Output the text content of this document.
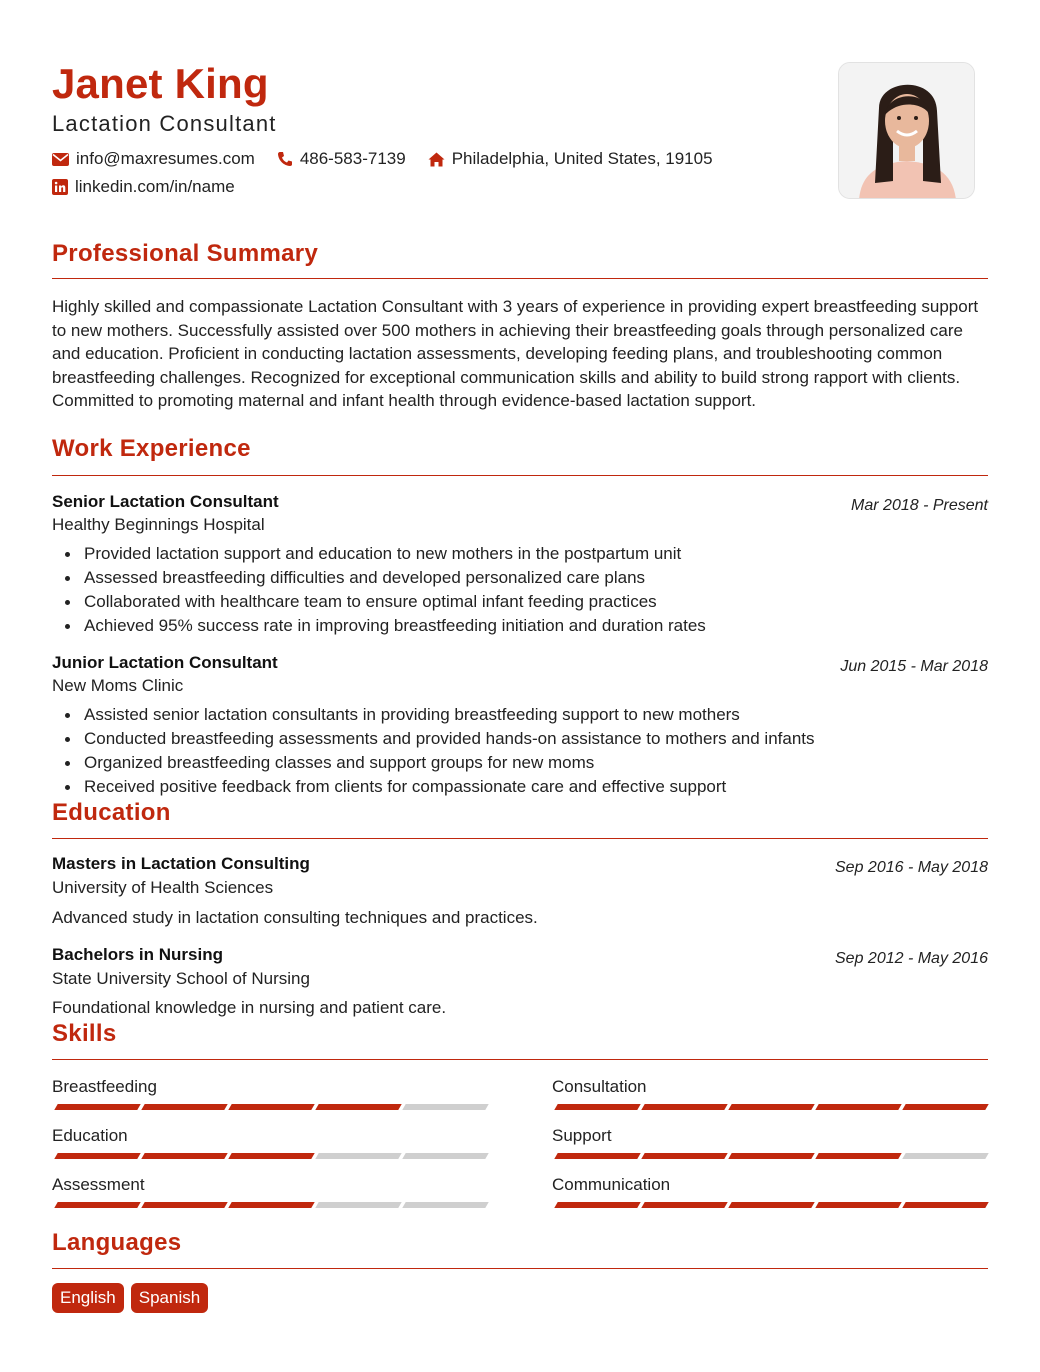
Janet King
Lactation Consultant
info@maxresumes.com	486-583-7139	Philadelphia, United States, 19105
linkedin.com/in/name
Professional Summary
Highly skilled and compassionate Lactation Consultant with 3 years of experience in providing expert breastfeeding support to new mothers. Successfully assisted over 500 mothers in achieving their breastfeeding goals through personalized care and education. Proficient in conducting lactation assessments, developing feeding plans, and troubleshooting common breastfeeding challenges. Recognized for exceptional communication skills and ability to build strong rapport with clients. Committed to promoting maternal and infant health through evidence-based lactation support.
Work Experience
Senior Lactation Consultant	Mar 2018 - Present
Healthy Beginnings Hospital
Provided lactation support and education to new mothers in the postpartum unit
Assessed breastfeeding difficulties and developed personalized care plans
Collaborated with healthcare team to ensure optimal infant feeding practices
Achieved 95% success rate in improving breastfeeding initiation and duration rates
Junior Lactation Consultant	Jun 2015 - Mar 2018
New Moms Clinic
Assisted senior lactation consultants in providing breastfeeding support to new mothers
Conducted breastfeeding assessments and provided hands-on assistance to mothers and infants
Organized breastfeeding classes and support groups for new moms
Received positive feedback from clients for compassionate care and effective support
Education
Masters in Lactation Consulting	Sep 2016 - May 2018
University of Health Sciences
Advanced study in lactation consulting techniques and practices.
Bachelors in Nursing	Sep 2012 - May 2016
State University School of Nursing
Foundational knowledge in nursing and patient care.
Skills
Breastfeeding	Consultation
Education	Support
Assessment	Communication
Languages
English	Spanish
